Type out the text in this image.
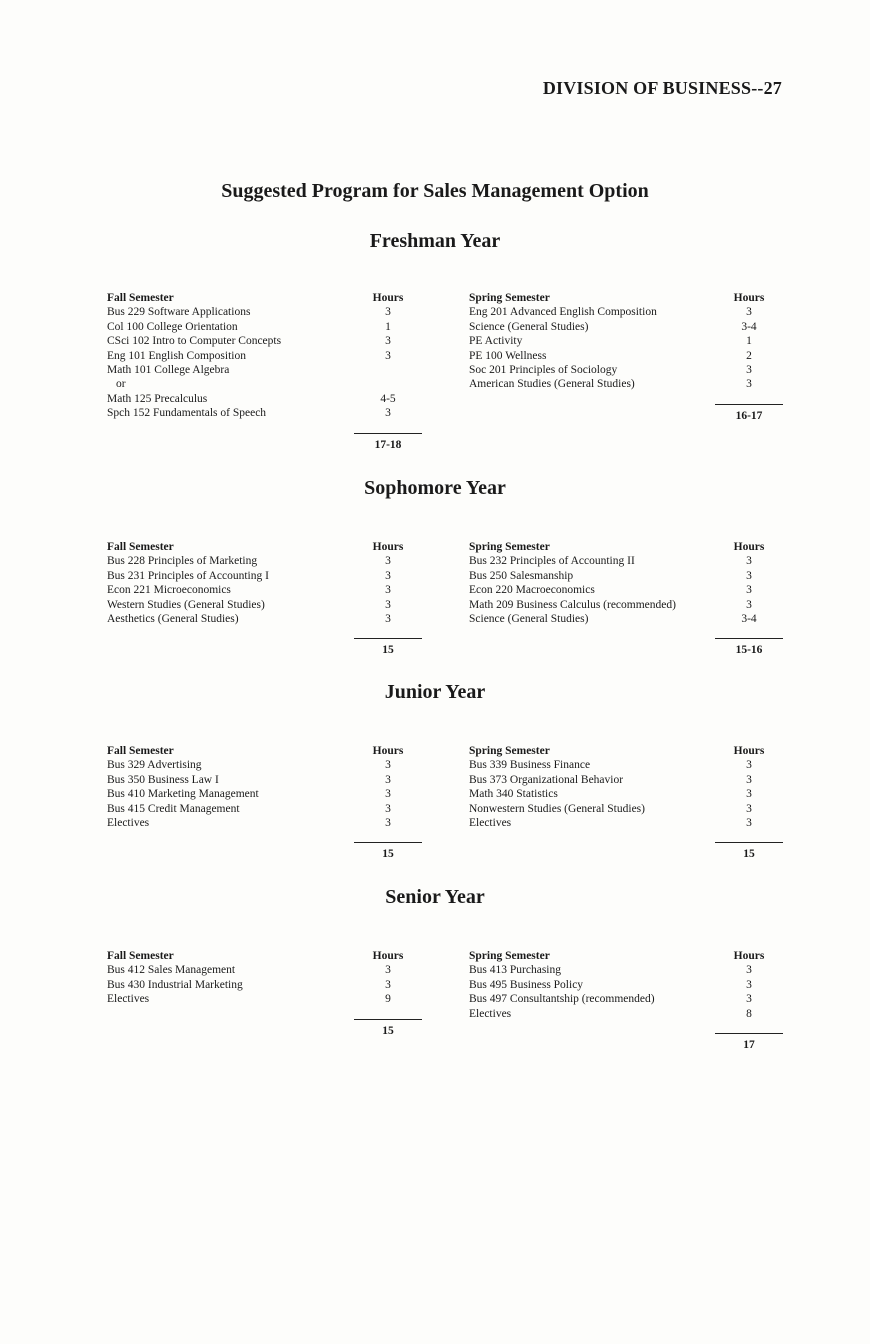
DIVISION OF BUSINESS--27
Suggested Program for Sales Management Option
Freshman Year
Fall Semester	Hours
Bus 229 Software Applications	3
Col 100 College Orientation	1
CSci 102 Intro to Computer Concepts	3
Eng 101 English Composition	3
Math 101 College Algebra
or
Math 125 Precalculus	4-5
Spch 152 Fundamentals of Speech	3
17-18
Spring Semester	Hours
Eng 201 Advanced English Composition	3
Science (General Studies)	3-4
PE Activity	1
PE 100 Wellness	2
Soc 201 Principles of Sociology	3
American Studies (General Studies)	3
16-17
Sophomore Year
Fall Semester	Hours
Bus 228 Principles of Marketing	3
Bus 231 Principles of Accounting I	3
Econ 221 Microeconomics	3
Western Studies (General Studies)	3
Aesthetics (General Studies)	3
15
Spring Semester	Hours
Bus 232 Principles of Accounting II	3
Bus 250 Salesmanship	3
Econ 220 Macroeconomics	3
Math 209 Business Calculus (recommended)	3
Science (General Studies)	3-4
15-16
Junior Year
Fall Semester	Hours
Bus 329 Advertising	3
Bus 350 Business Law I	3
Bus 410 Marketing Management	3
Bus 415 Credit Management	3
Electives	3
15
Spring Semester	Hours
Bus 339 Business Finance	3
Bus 373 Organizational Behavior	3
Math 340 Statistics	3
Nonwestern Studies (General Studies)	3
Electives	3
15
Senior Year
Fall Semester	Hours
Bus 412 Sales Management	3
Bus 430 Industrial Marketing	3
Electives	9
15
Spring Semester	Hours
Bus 413 Purchasing	3
Bus 495 Business Policy	3
Bus 497 Consultantship (recommended)	3
Electives	8
17
